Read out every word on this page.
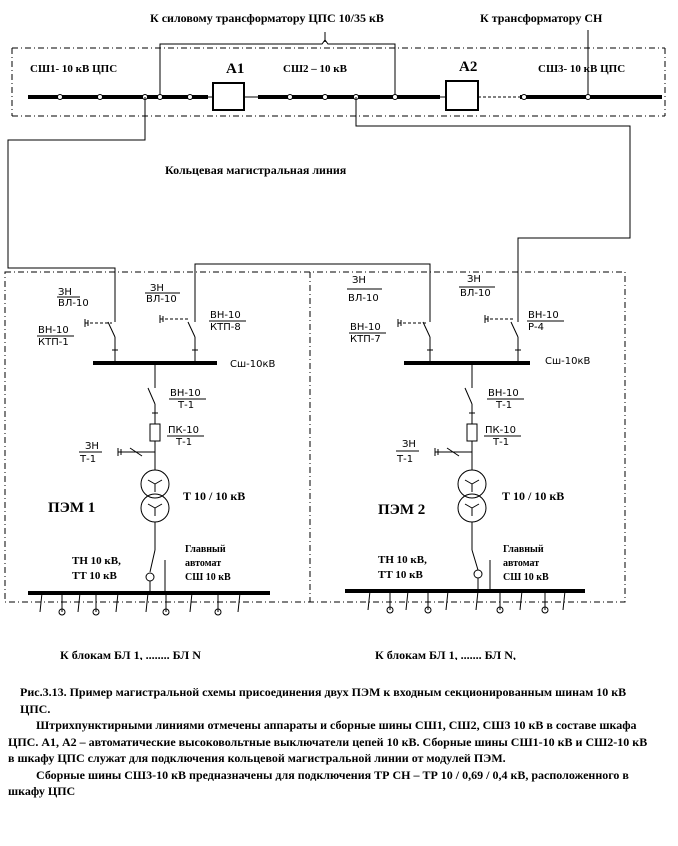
К силовому трансформатору ЦПС 10/35 кВ	К трансформатору СН
СШ1- 10 кВ ЦПС	СШ2 – 10 кВ	СШ3- 10 кВ ЦПС
А1	А2
Кольцевая магистральная линия
ЗН
ВЛ-10
ЗН
ВЛ-10
ВН-10
КТП-1
ВН-10
КТП-8
Сш-10кВ
ВН-10
Т-1
ПК-10
Т-1
ЗН
Т-1
Т 10 / 10 кВ
ПЭМ 1
ТН 10 кВ,
ТТ 10 кВ
Главный
автомат
СШ 10 кВ
К блокам БЛ 1, ........ БЛ N
ЗН
ВЛ-10
ЗН
ВЛ-10
ВН-10
КТП-7
ВН-10
Р-4
Сш-10кВ
ВН-10
Т-1
ПК-10
Т-1
ЗН
Т-1
Т 10 / 10 кВ
ПЭМ 2
ТН 10 кВ,
ТТ 10 кВ
Главный
автомат
СШ 10 кВ
К блокам БЛ 1, ....... БЛ N,

Рис.3.13. Пример магистральной схемы присоединения двух ПЭМ к входным секционированным шинам 10 кВ ЦПС.

Штрихпунктирными линиями отмечены аппараты и сборные шины СШ1, СШ2, СШ3 10 кВ в составе шкафа ЦПС. А1, А2 – автоматические высоковольтные выключатели цепей 10 кВ. Сборные шины СШ1-10 кВ и СШ2-10 кВ в шкафу ЦПС служат для подключения кольцевой магистральной линии от модулей ПЭМ.

Сборные шины СШ3-10 кВ предназначены для подключения ТР СН – ТР 10 / 0,69 / 0,4 кВ, расположенного в шкафу ЦПС
